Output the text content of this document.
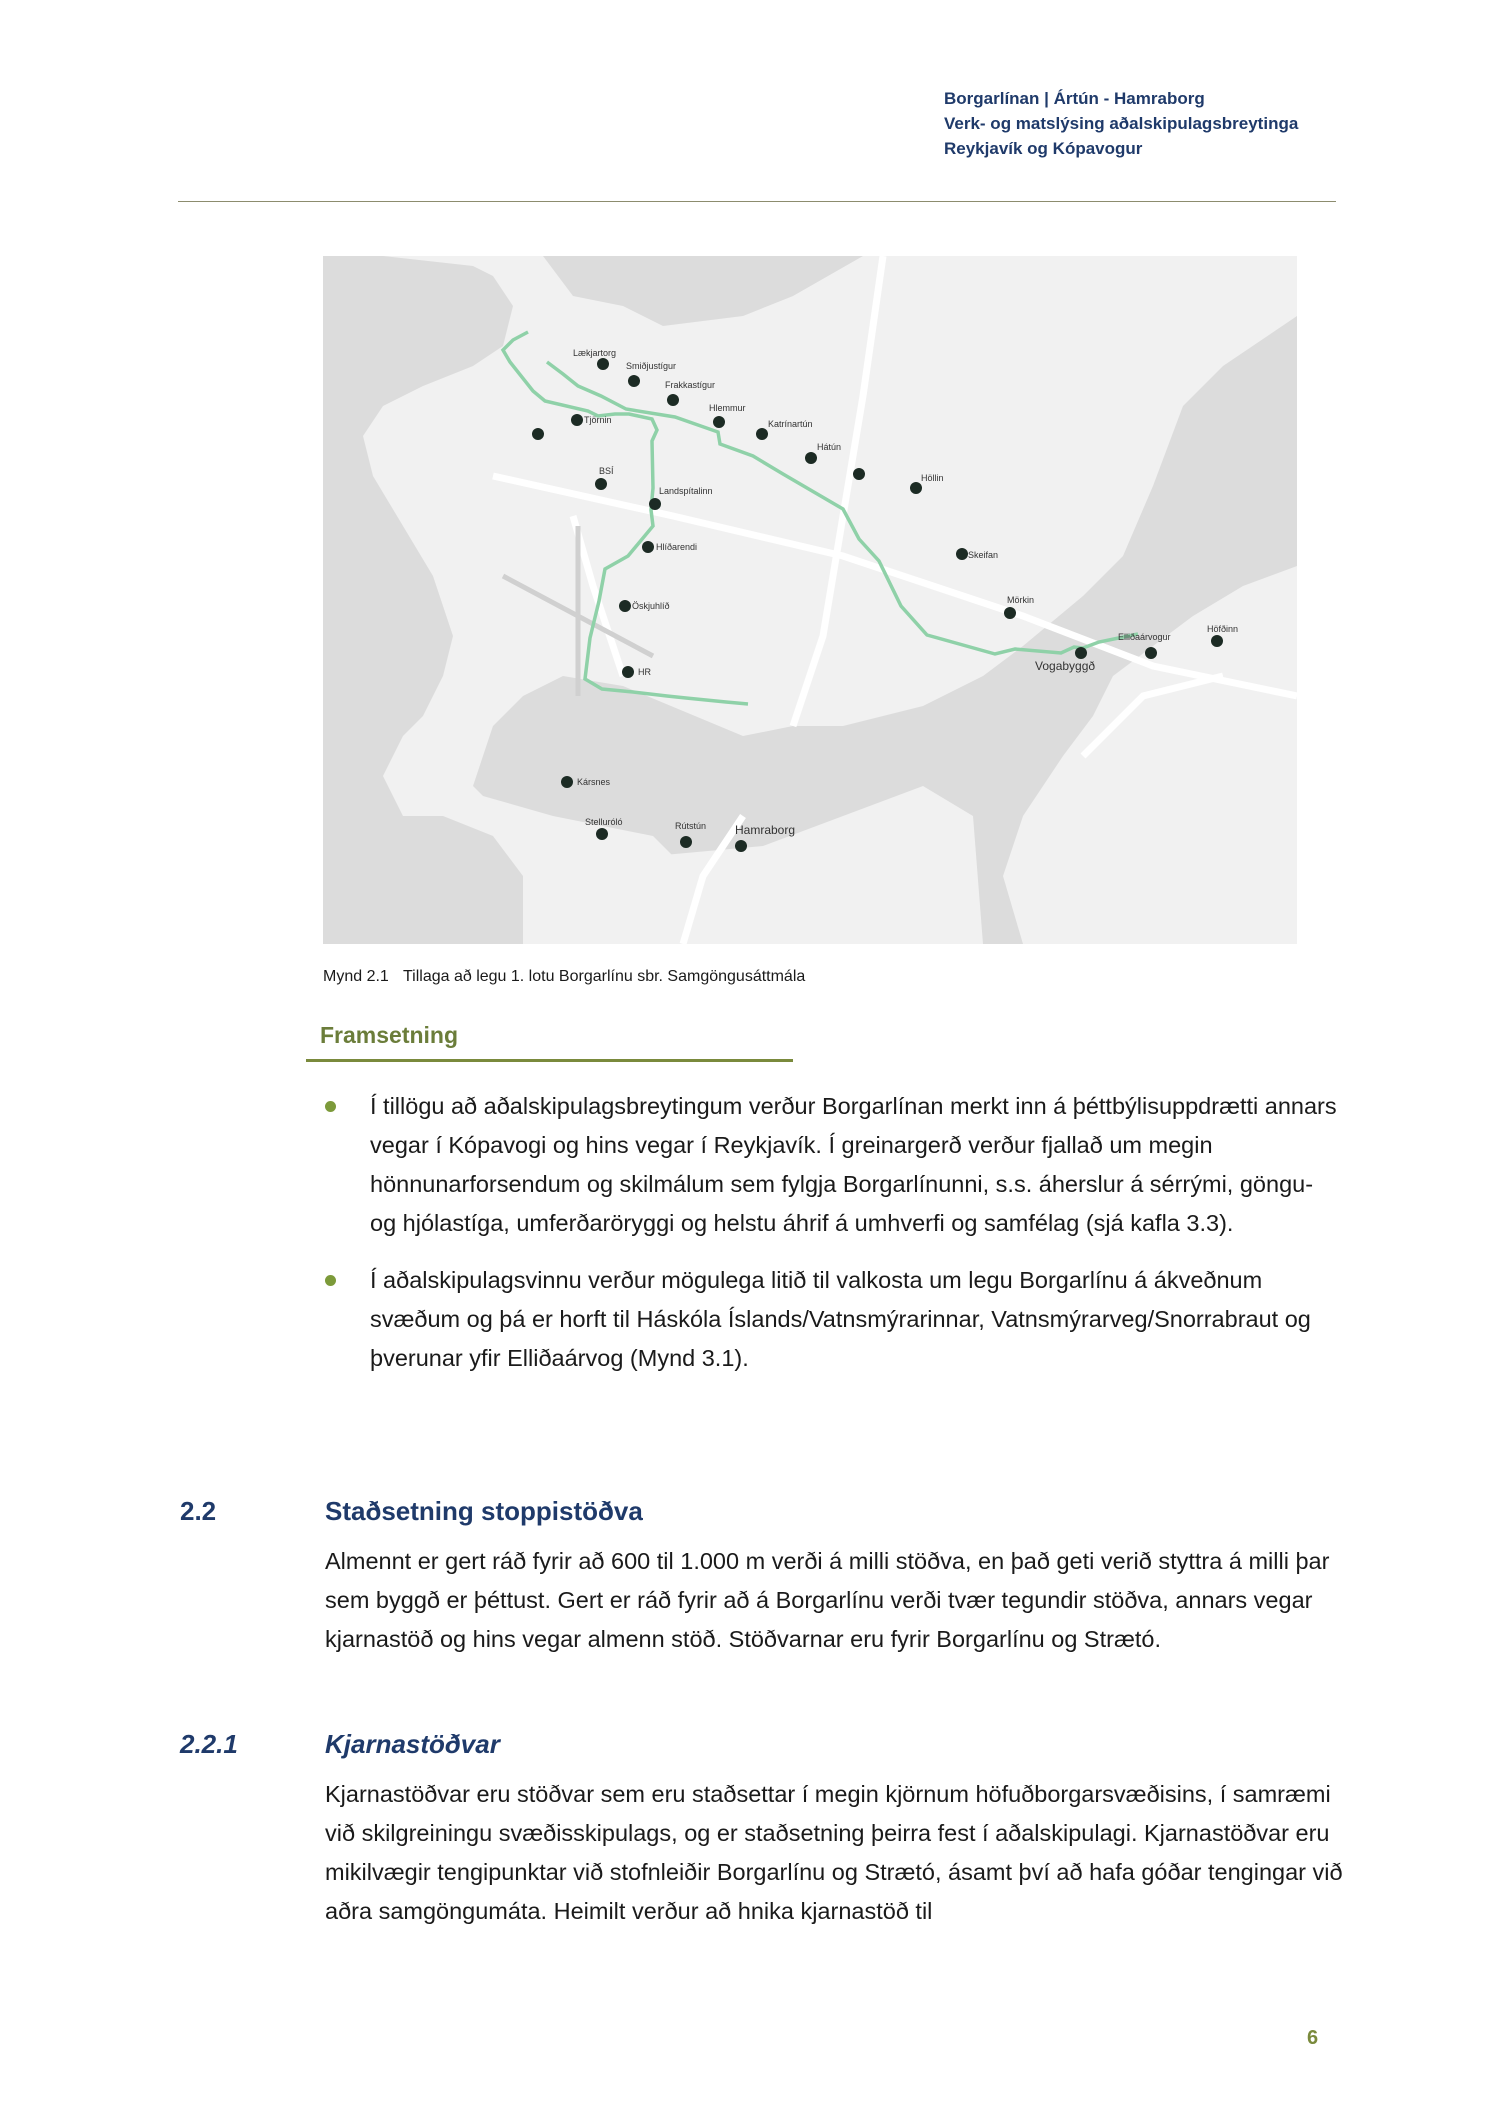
Borgarlínan | Ártún - Hamraborg
Verk- og matslýsing aðalskipulagsbreytinga
Reykjavík og Kópavogur
Lækjartorg
Smiðjustígur
Frakkastígur
Hlemmur
Katrínartún
Hátún
Höllin
Skeifan
Mörkin
Vogabyggð
Elliðaárvogur
Höfðinn
Tjörnin
BSÍ
Landspítalinn
Hlíðarendi
Öskjuhlíð
HR
Kársnes
Stelluróló	Rútstún Hamraborg
Mynd 2.1 Tillaga að legu 1. lotu Borgarlínu sbr. Samgöngusáttmála
Framsetning
Í tillögu að aðalskipulagsbreytingum verður Borgarlínan merkt inn á þéttbýlisuppdrætti annars vegar í Kópavogi og hins vegar í Reykjavík. Í greinargerð verður fjallað um megin hönnunarforsendum og skilmálum sem fylgja Borgarlínunni, s.s. áherslur á sérrými, göngu- og hjólastíga, umferðaröryggi og helstu áhrif á umhverfi og samfélag (sjá kafla 3.3).
Í aðalskipulagsvinnu verður mögulega litið til valkosta um legu Borgarlínu á ákveðnum svæðum og þá er horft til Háskóla Íslands/Vatnsmýrarinnar, Vatnsmýrarveg/Snorrabraut og þverunar yfir Elliðaárvog (Mynd 3.1).
2.2	Staðsetning stoppistöðva

Almennt er gert ráð fyrir að 600 til 1.000 m verði á milli stöðva, en það geti verið styttra á milli þar sem byggð er þéttust. Gert er ráð fyrir að á Borgarlínu verði tvær tegundir stöðva, annars vegar kjarnastöð og hins vegar almenn stöð. Stöðvarnar eru fyrir Borgarlínu og Strætó.

2.2.1	Kjarnastöðvar

Kjarnastöðvar eru stöðvar sem eru staðsettar í megin kjörnum höfuðborgarsvæðisins, í samræmi við skilgreiningu svæðisskipulags, og er staðsetning þeirra fest í aðalskipulagi. Kjarnastöðvar eru mikilvægir tengipunktar við stofnleiðir Borgarlínu og Strætó, ásamt því að hafa góðar tengingar við aðra samgöngumáta. Heimilt verður að hnika kjarnastöð til

6
